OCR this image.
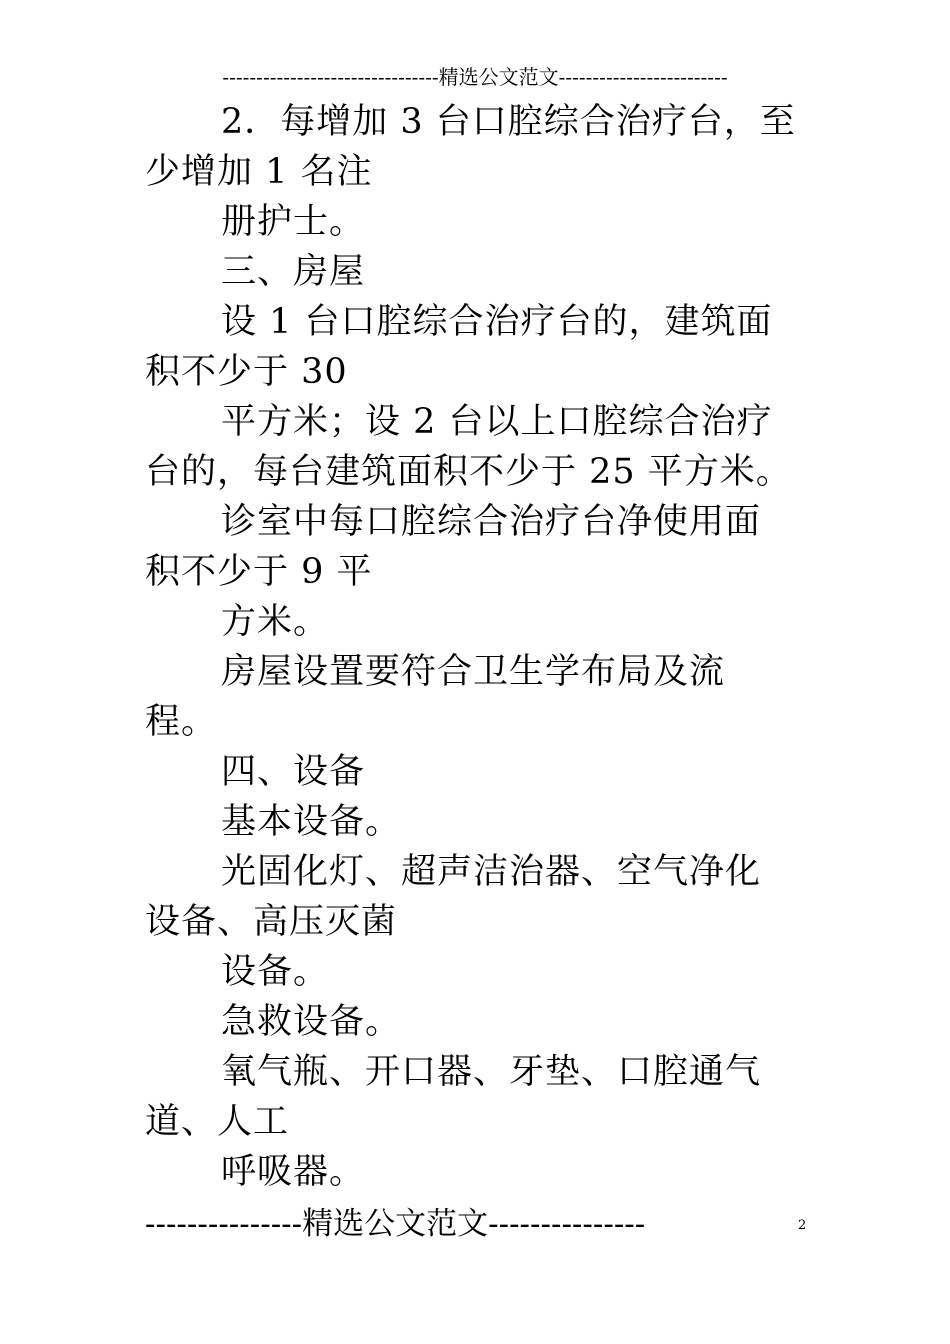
--------------------------------精选公文范文-------------------------
2．每增加 3 台口腔综合治疗台，至
少增加 1 名注
册护士。
三、房屋
设 1 台口腔综合治疗台的，建筑面
积不少于 30
平方米；设 2 台以上口腔综合治疗
台的，每台建筑面积不少于 25 平方米。
诊室中每口腔综合治疗台净使用面
积不少于 9 平
方米。
房屋设置要符合卫生学布局及流
程。
四、设备
基本设备。
光固化灯、超声洁治器、空气净化
设备、高压灭菌
设备。
急救设备。
氧气瓶、开口器、牙垫、口腔通气
道、人工
呼吸器。
---------------精选公文范文---------------	2
